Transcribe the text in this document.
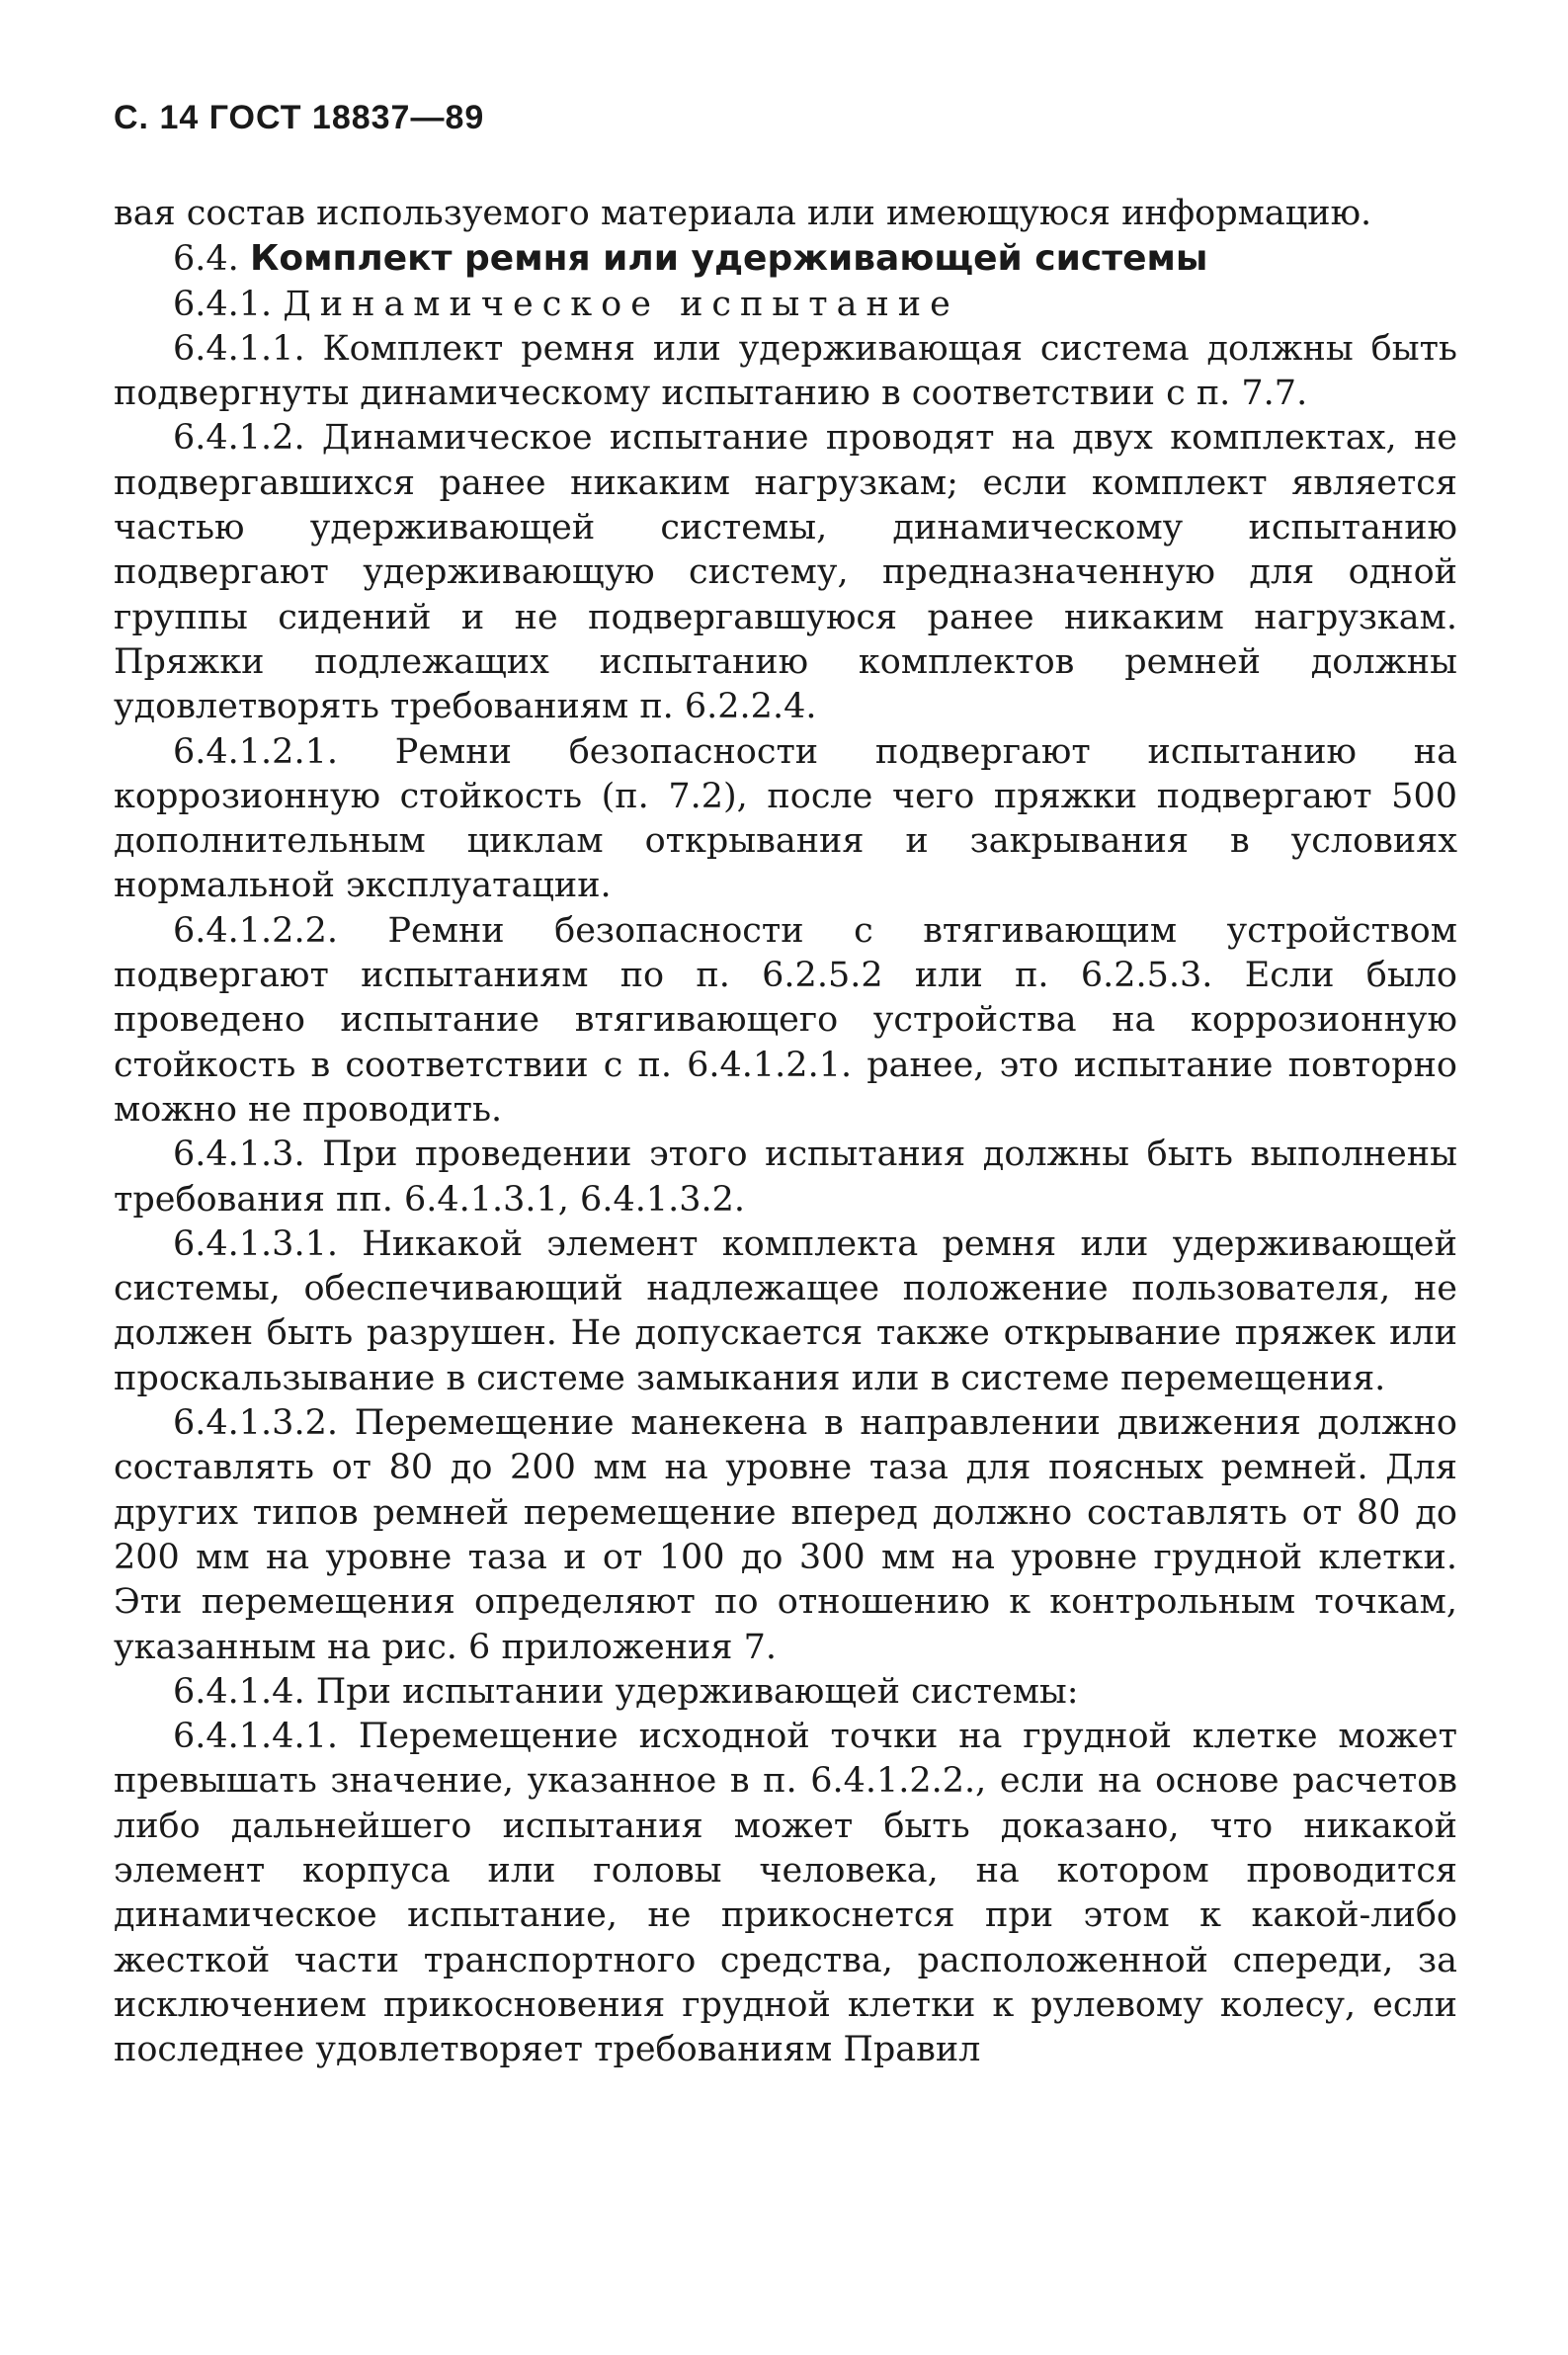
С. 14 ГОСТ 18837—89

вая состав используемого материала или имеющуюся информацию.

6.4. Комплект ремня или удерживающей системы

6.4.1. Динамическое испытание

6.4.1.1. Комплект ремня или удерживающая система должны быть подвергнуты динамическому испытанию в соответствии с п. 7.7.

6.4.1.2. Динамическое испытание проводят на двух комплектах, не подвергавшихся ранее никаким нагрузкам; если комплект является частью удерживающей системы, динамическому испытанию подвергают удерживающую систему, предназначенную для одной группы сидений и не подвергавшуюся ранее никаким нагрузкам. Пряжки подлежащих испытанию комплектов ремней должны удовлетворять требованиям п. 6.2.2.4.

6.4.1.2.1. Ремни безопасности подвергают испытанию на коррозионную стойкость (п. 7.2), после чего пряжки подвергают 500 дополнительным циклам открывания и закрывания в условиях нормальной эксплуатации.

6.4.1.2.2. Ремни безопасности с втягивающим устройством подвергают испытаниям по п. 6.2.5.2 или п. 6.2.5.3. Если было проведено испытание втягивающего устройства на коррозионную стойкость в соответствии с п. 6.4.1.2.1. ранее, это испытание повторно можно не проводить.

6.4.1.3. При проведении этого испытания должны быть выполнены требования пп. 6.4.1.3.1, 6.4.1.3.2.

6.4.1.3.1. Никакой элемент комплекта ремня или удерживающей системы, обеспечивающий надлежащее положение пользователя, не должен быть разрушен. Не допускается также открывание пряжек или проскальзывание в системе замыкания или в системе перемещения.

6.4.1.3.2. Перемещение манекена в направлении движения должно составлять от 80 до 200 мм на уровне таза для поясных ремней. Для других типов ремней перемещение вперед должно составлять от 80 до 200 мм на уровне таза и от 100 до 300 мм на уровне грудной клетки. Эти перемещения определяют по отношению к контрольным точкам, указанным на рис. 6 приложения 7.

6.4.1.4. При испытании удерживающей системы:

6.4.1.4.1. Перемещение исходной точки на грудной клетке может превышать значение, указанное в п. 6.4.1.2.2., если на основе расчетов либо дальнейшего испытания может быть доказано, что никакой элемент корпуса или головы человека, на котором проводится динамическое испытание, не прикоснется при этом к какой-либо жесткой части транспортного средства, расположенной спереди, за исключением прикосновения грудной клетки к рулевому колесу, если последнее удовлетворяет требованиям Правил
